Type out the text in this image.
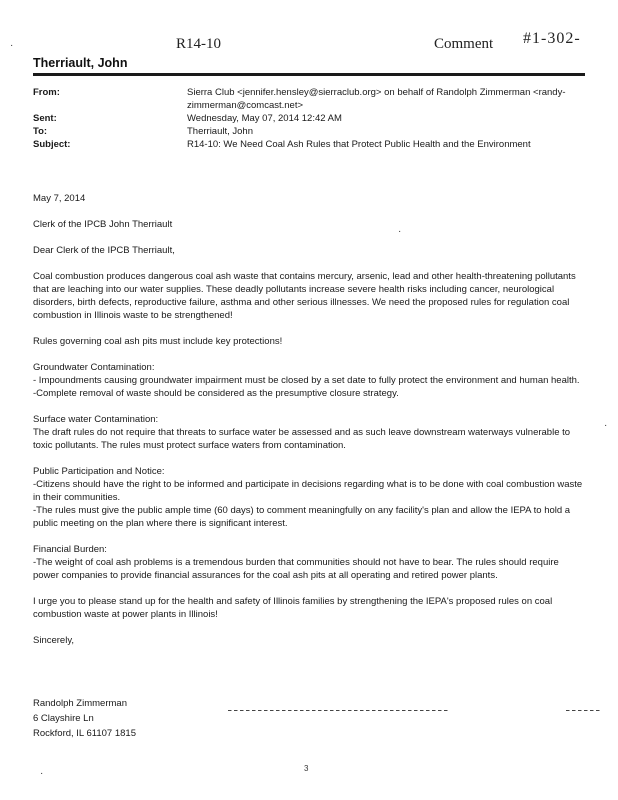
R14-10	Comment #1-302-
·
·
·
·
Therriault, John
From:	Sierra Club <jennifer.hensley@sierraclub.org> on behalf of Randolph Zimmerman <randy-zimmerman@comcast.net>
Sent:	Wednesday, May 07, 2014 12:42 AM
To:	Therriault, John
Subject:	R14-10: We Need Coal Ash Rules that Protect Public Health and the Environment

May 7, 2014

Clerk of the IPCB John Therriault

Dear Clerk of the IPCB Therriault,

Coal combustion produces dangerous coal ash waste that contains mercury, arsenic, lead and other health-threatening pollutants that are leaching into our water supplies. These deadly pollutants increase severe health risks including cancer, neurological disorders, birth defects, reproductive failure, asthma and other serious illnesses. We need the proposed rules for regulation coal combustion in Illinois waste to be strengthened!

Rules governing coal ash pits must include key protections!

Groundwater Contamination:

- Impoundments causing groundwater impairment must be closed by a set date to fully protect the environment and human health.

-Complete removal of waste should be considered as the presumptive closure strategy.

Surface water Contamination:

The draft rules do not require that threats to surface water be assessed and as such leave downstream waterways vulnerable to toxic pollutants. The rules must protect surface waters from contamination.

Public Participation and Notice:

-Citizens should have the right to be informed and participate in decisions regarding what is to be done with coal combustion waste in their communities.

-The rules must give the public ample time (60 days) to comment meaningfully on any facility's plan and allow the IEPA to hold a public meeting on the plan where there is significant interest.

Financial Burden:

-The weight of coal ash problems is a tremendous burden that communities should not have to bear. The rules should require power companies to provide financial assurances for the coal ash pits at all operating and retired power plants.

I urge you to please stand up for the health and safety of Illinois families by strengthening the IEPA's proposed rules on coal combustion waste at power plants in Illinois!

Sincerely,

Randolph Zimmerman
6 Clayshire Ln
Rockford, IL 61107 1815
3
